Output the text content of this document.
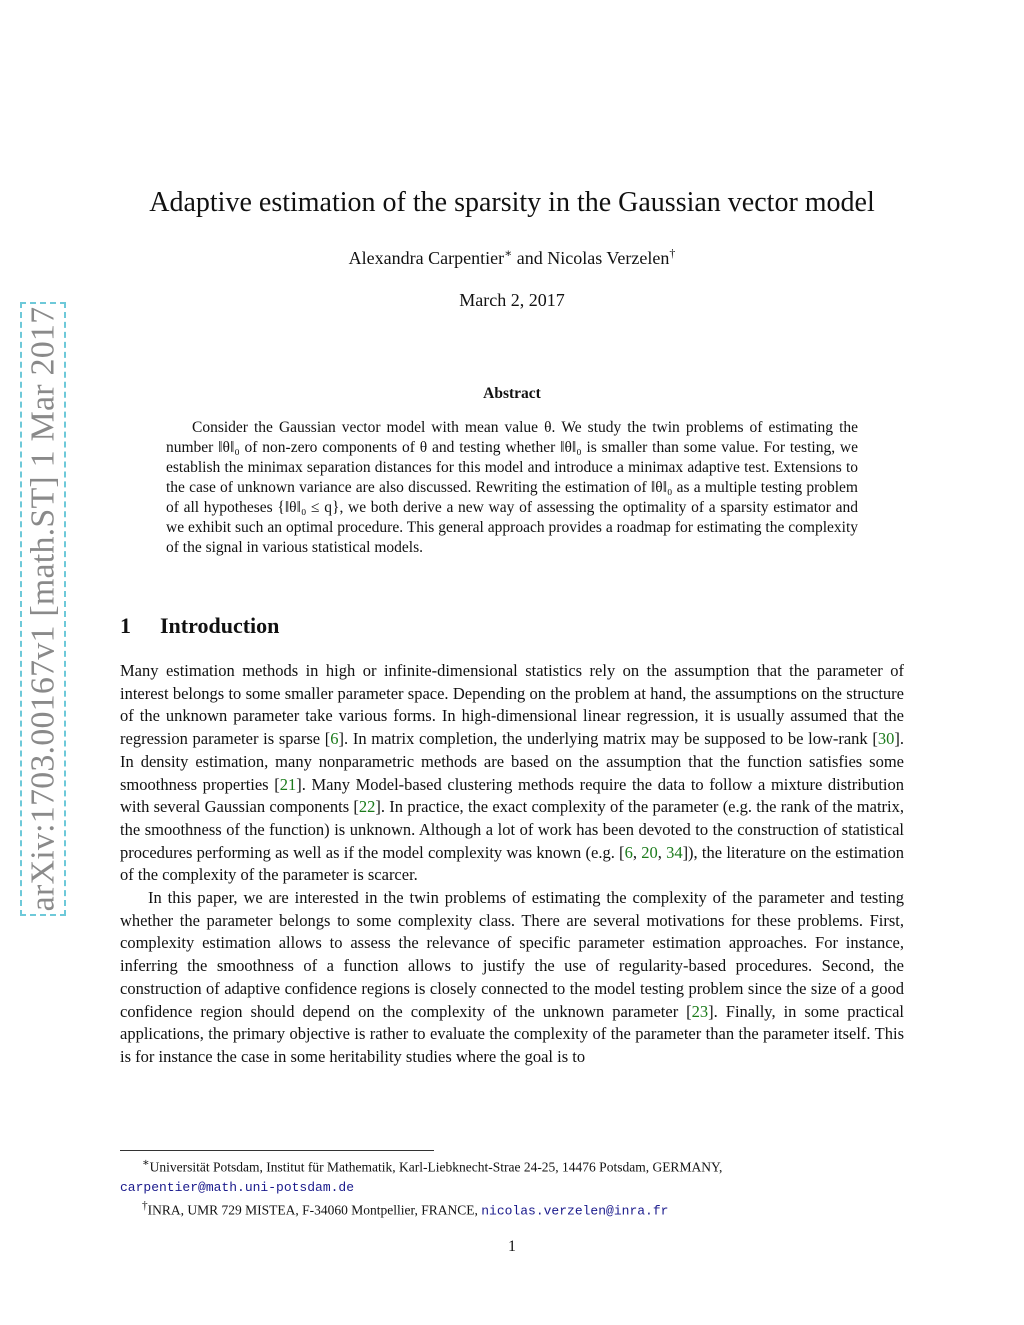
arXiv:1703.00167v1 [math.ST] 1 Mar 2017
Adaptive estimation of the sparsity in the Gaussian vector model
Alexandra Carpentier∗ and Nicolas Verzelen†
March 2, 2017
Abstract

Consider the Gaussian vector model with mean value θ. We study the twin problems of estimating the number ‖θ‖₀ of non-zero components of θ and testing whether ‖θ‖₀ is smaller than some value. For testing, we establish the minimax separation distances for this model and introduce a minimax adaptive test. Extensions to the case of unknown variance are also discussed. Rewriting the estimation of ‖θ‖₀ as a multiple testing problem of all hypotheses {‖θ‖₀ ≤ q}, we both derive a new way of assessing the optimality of a sparsity estimator and we exhibit such an optimal procedure. This general approach provides a roadmap for estimating the complexity of the signal in various statistical models.

1 Introduction

Many estimation methods in high or infinite-dimensional statistics rely on the assumption that the parameter of interest belongs to some smaller parameter space. Depending on the problem at hand, the assumptions on the structure of the unknown parameter take various forms. In high-dimensional linear regression, it is usually assumed that the regression parameter is sparse [6]. In matrix completion, the underlying matrix may be supposed to be low-rank [30]. In density estimation, many nonparametric methods are based on the assumption that the function satisfies some smoothness properties [21]. Many Model-based clustering methods require the data to follow a mixture distribution with several Gaussian components [22]. In practice, the exact complexity of the parameter (e.g. the rank of the matrix, the smoothness of the function) is unknown. Although a lot of work has been devoted to the construction of statistical procedures performing as well as if the model complexity was known (e.g. [6, 20, 34]), the literature on the estimation of the complexity of the parameter is scarcer.

In this paper, we are interested in the twin problems of estimating the complexity of the parameter and testing whether the parameter belongs to some complexity class. There are several motivations for these problems. First, complexity estimation allows to assess the relevance of specific parameter estimation approaches. For instance, inferring the smoothness of a function allows to justify the use of regularity-based procedures. Second, the construction of adaptive confidence regions is closely connected to the model testing problem since the size of a good confidence region should depend on the complexity of the unknown parameter [23]. Finally, in some practical applications, the primary objective is rather to evaluate the complexity of the parameter than the parameter itself. This is for instance the case in some heritability studies where the goal is to

∗Universität Potsdam, Institut für Mathematik, Karl-Liebknecht-Strae 24-25, 14476 Potsdam, GERMANY,
carpentier@math.uni-potsdam.de

†INRA, UMR 729 MISTEA, F-34060 Montpellier, FRANCE, nicolas.verzelen@inra.fr

1
